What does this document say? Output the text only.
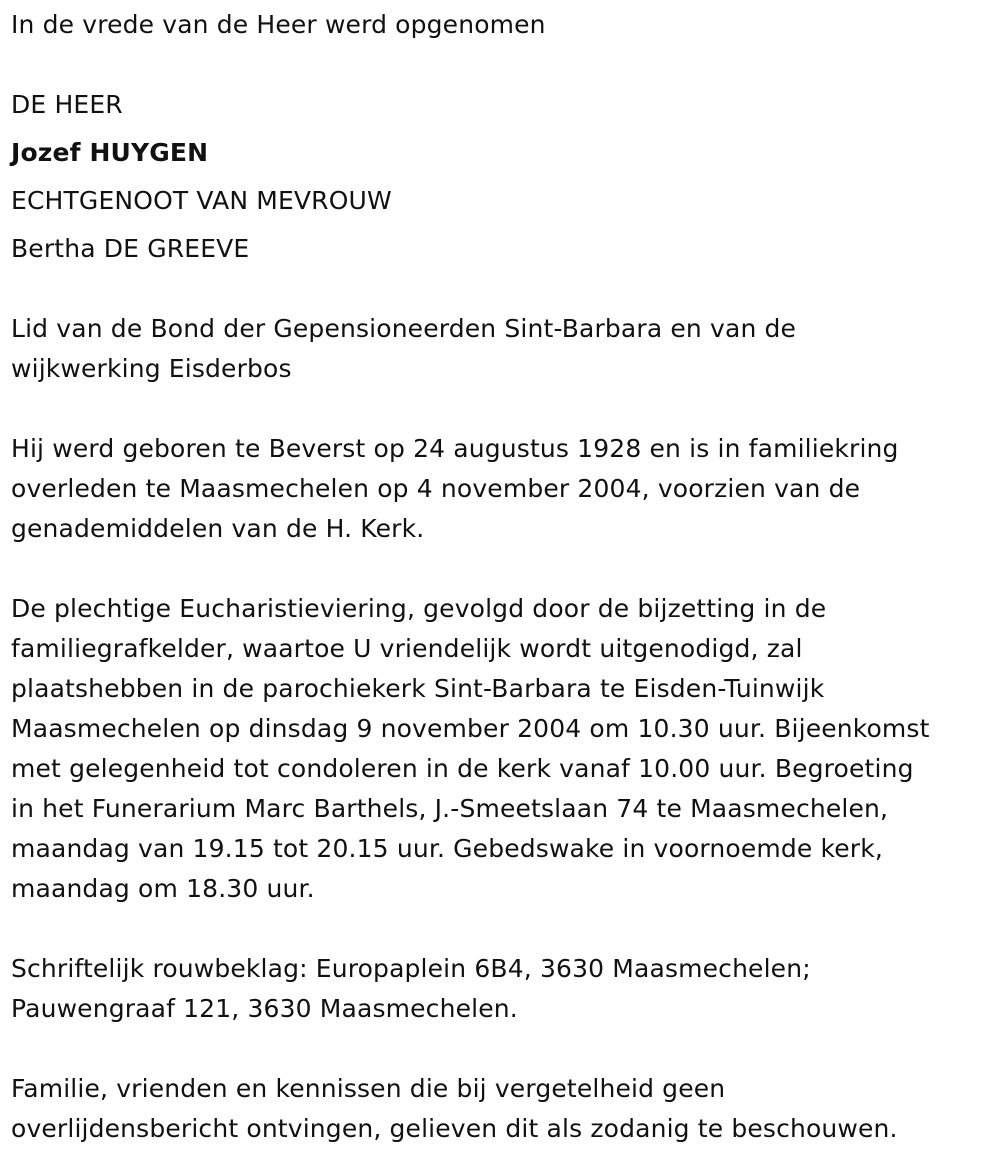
In de vrede van de Heer werd opgenomen
DE HEER
Jozef HUYGEN
ECHTGENOOT VAN MEVROUW
Bertha DE GREEVE
Lid van de Bond der Gepensioneerden Sint-Barbara en van de
wijkwerking Eisderbos
Hij werd geboren te Beverst op 24 augustus 1928 en is in familiekring
overleden te Maasmechelen op 4 november 2004, voorzien van de
genademiddelen van de H. Kerk.
De plechtige Eucharistieviering, gevolgd door de bijzetting in de
familiegrafkelder, waartoe U vriendelijk wordt uitgenodigd, zal
plaatshebben in de parochiekerk Sint-Barbara te Eisden-Tuinwijk
Maasmechelen op dinsdag 9 november 2004 om 10.30 uur. Bijeenkomst
met gelegenheid tot condoleren in de kerk vanaf 10.00 uur. Begroeting
in het Funerarium Marc Barthels, J.-Smeetslaan 74 te Maasmechelen,
maandag van 19.15 tot 20.15 uur. Gebedswake in voornoemde kerk,
maandag om 18.30 uur.
Schriftelijk rouwbeklag: Europaplein 6B4, 3630 Maasmechelen;
Pauwengraaf 121, 3630 Maasmechelen.
Familie, vrienden en kennissen die bij vergetelheid geen
overlijdensbericht ontvingen, gelieven dit als zodanig te beschouwen.
